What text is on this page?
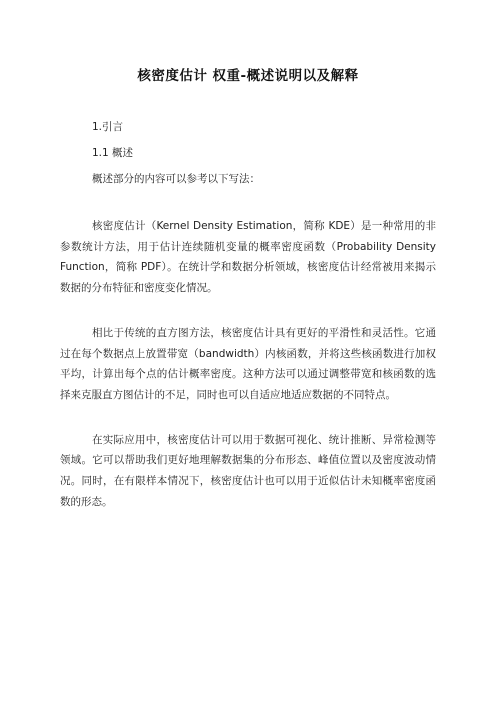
核密度估计 权重-概述说明以及解释
1.引言
1.1 概述
概述部分的内容可以参考以下写法：

核密度估计（Kernel Density Estimation，简称 KDE）是一种常用的非参数统计方法，用于估计连续随机变量的概率密度函数（Probability Density Function，简称 PDF）。在统计学和数据分析领域，核密度估计经常被用来揭示数据的分布特征和密度变化情况。

相比于传统的直方图方法，核密度估计具有更好的平滑性和灵活性。它通过在每个数据点上放置带宽（bandwidth）内核函数，并将这些核函数进行加权平均，计算出每个点的估计概率密度。这种方法可以通过调整带宽和核函数的选择来克服直方图估计的不足，同时也可以自适应地适应数据的不同特点。

在实际应用中，核密度估计可以用于数据可视化、统计推断、异常检测等领域。它可以帮助我们更好地理解数据集的分布形态、峰值位置以及密度波动情况。同时，在有限样本情况下，核密度估计也可以用于近似估计未知概率密度函数的形态。
